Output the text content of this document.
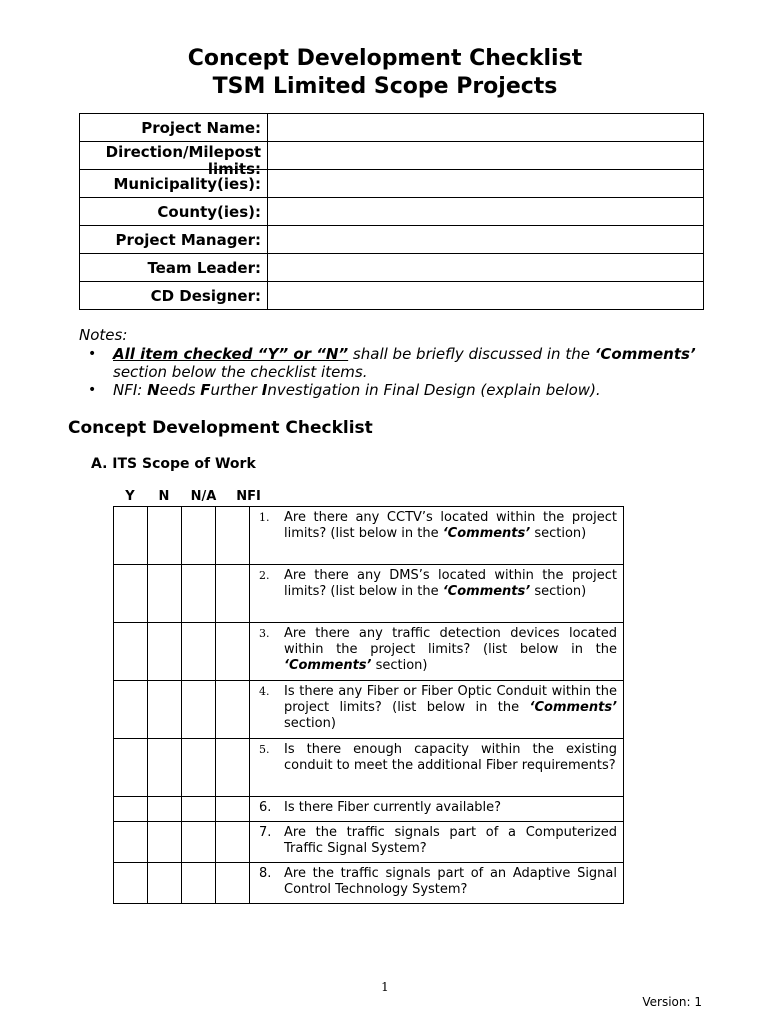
Concept Development Checklist
TSM Limited Scope Projects
Project Name:	

Direction/Milepost limits:	

Municipality(ies):	

County(ies):	

Project Manager:	

Team Leader:	

CD Designer:	

Notes:
• All item checked “Y” or “N” shall be briefly discussed in the ‘Comments’ section below the checklist items.
• NFI: Needs Further Investigation in Final Design (explain below).
Concept Development Checklist
A. ITS Scope of Work
Y	N	N/A	NFI

				1. Are there any CCTV’s located within the project limits? (list below in the ‘Comments’ section)

				2. Are there any DMS’s located within the project limits? (list below in the ‘Comments’ section)

				3. Are there any traffic detection devices located within the project limits? (list below in the ‘Comments’ section)

				4. Is there any Fiber or Fiber Optic Conduit within the project limits? (list below in the ‘Comments’ section)

				5. Is there enough capacity within the existing conduit to meet the additional Fiber requirements?

				6. Is there Fiber currently available?

				7. Are the traffic signals part of a Computerized Traffic Signal System?

				8. Are the traffic signals part of an Adaptive Signal Control Technology System?
1
Version: 1
